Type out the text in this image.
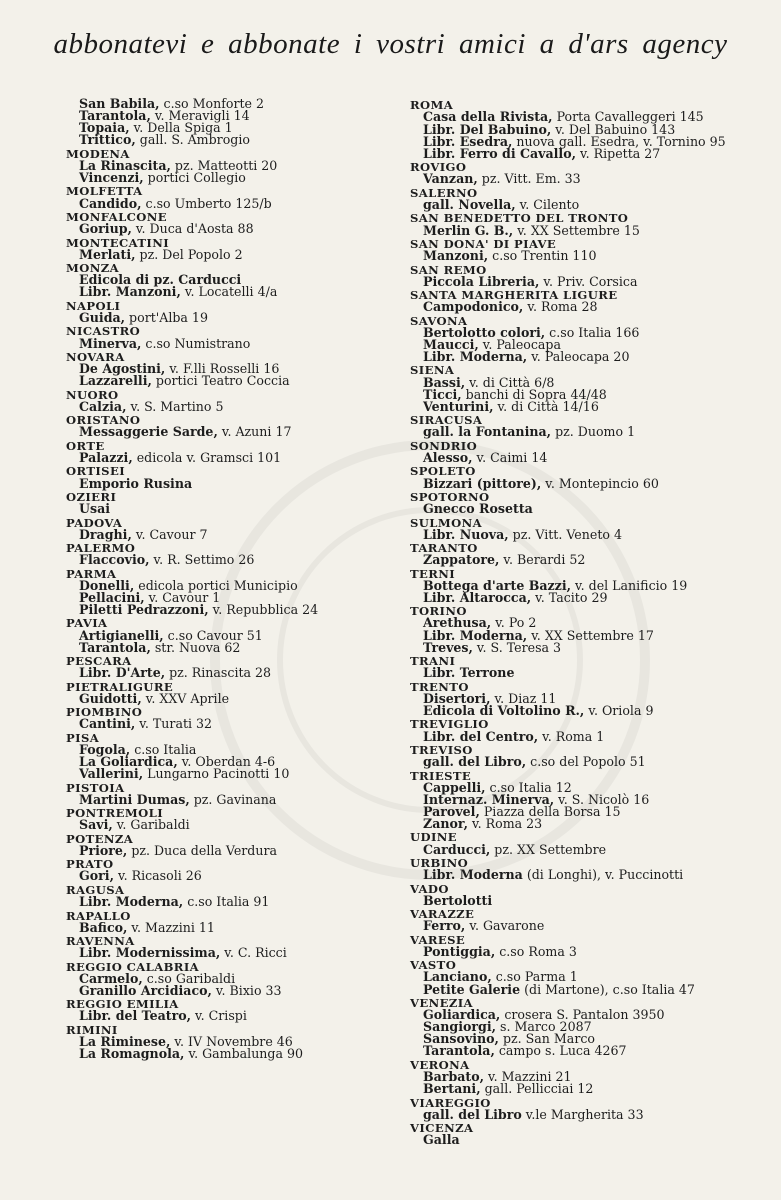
abbonatevi e abbonate i vostri amici a d'ars agency
San Babila, c.so Monforte 2
Tarantola, v. Meravigli 14
Topaia, v. Della Spiga 1
Trittico, gall. S. Ambrogio
MODENA
La Rinascita, pz. Matteotti 20
Vincenzi, portici Collegio
MOLFETTA
Candido, c.so Umberto 125/b
MONFALCONE
Goriup, v. Duca d'Aosta 88
MONTECATINI
Merlati, pz. Del Popolo 2
MONZA
Edicola di pz. Carducci
Libr. Manzoni, v. Locatelli 4/a
NAPOLI
Guida, port'Alba 19
NICASTRO
Minerva, c.so Numistrano
NOVARA
De Agostini, v. F.lli Rosselli 16
Lazzarelli, portici Teatro Coccia
NUORO
Calzia, v. S. Martino 5
ORISTANO
Messaggerie Sarde, v. Azuni 17
ORTE
Palazzi, edicola v. Gramsci 101
ORTISEI
Emporio Rusina
OZIERI
Usai
PADOVA
Draghi, v. Cavour 7
PALERMO
Flaccovio, v. R. Settimo 26
PARMA
Donelli, edicola portici Municipio
Pellacini, v. Cavour 1
Piletti Pedrazzoni, v. Repubblica 24
PAVIA
Artigianelli, c.so Cavour 51
Tarantola, str. Nuova 62
PESCARA
Libr. D'Arte, pz. Rinascita 28
PIETRALIGURE
Guidotti, v. XXV Aprile
PIOMBINO
Cantini, v. Turati 32
PISA
Fogola, c.so Italia
La Goliardica, v. Oberdan 4-6
Vallerini, Lungarno Pacinotti 10
PISTOIA
Martini Dumas, pz. Gavinana
PONTREMOLI
Savi, v. Garibaldi
POTENZA
Priore, pz. Duca della Verdura
PRATO
Gori, v. Ricasoli 26
RAGUSA
Libr. Moderna, c.so Italia 91
RAPALLO
Bafico, v. Mazzini 11
RAVENNA
Libr. Modernissima, v. C. Ricci
REGGIO CALABRIA
Carmelo, c.so Garibaldi
Granillo Arcidiaco, v. Bixio 33
REGGIO EMILIA
Libr. del Teatro, v. Crispi
RIMINI
La Riminese, v. IV Novembre 46
La Romagnola, v. Gambalunga 90
ROMA
Casa della Rivista, Porta Cavalleggeri 145
Libr. Del Babuino, v. Del Babuino 143
Libr. Esedra, nuova gall. Esedra, v. Tornino 95
Libr. Ferro di Cavallo, v. Ripetta 27
ROVIGO
Vanzan, pz. Vitt. Em. 33
SALERNO
gall. Novella, v. Cilento
SAN BENEDETTO DEL TRONTO
Merlin G. B., v. XX Settembre 15
SAN DONA' DI PIAVE
Manzoni, c.so Trentin 110
SAN REMO
Piccola Libreria, v. Priv. Corsica
SANTA MARGHERITA LIGURE
Campodonico, v. Roma 28
SAVONA
Bertolotto colori, c.so Italia 166
Maucci, v. Paleocapa
Libr. Moderna, v. Paleocapa 20
SIENA
Bassi, v. di Città 6/8
Ticci, banchi di Sopra 44/48
Venturini, v. di Città 14/16
SIRACUSA
gall. la Fontanina, pz. Duomo 1
SONDRIO
Alesso, v. Caimi 14
SPOLETO
Bizzari (pittore), v. Montepincio 60
SPOTORNO
Gnecco Rosetta
SULMONA
Libr. Nuova, pz. Vitt. Veneto 4
TARANTO
Zappatore, v. Berardi 52
TERNI
Bottega d'arte Bazzi, v. del Lanificio 19
Libr. Altarocca, v. Tacito 29
TORINO
Arethusa, v. Po 2
Libr. Moderna, v. XX Settembre 17
Treves, v. S. Teresa 3
TRANI
Libr. Terrone
TRENTO
Disertori, v. Diaz 11
Edicola di Voltolino R., v. Oriola 9
TREVIGLIO
Libr. del Centro, v. Roma 1
TREVISO
gall. del Libro, c.so del Popolo 51
TRIESTE
Cappelli, c.so Italia 12
Internaz. Minerva, v. S. Nicolò 16
Parovel, Piazza della Borsa 15
Zanor, v. Roma 23
UDINE
Carducci, pz. XX Settembre
URBINO
Libr. Moderna (di Longhi), v. Puccinotti
VADO
Bertolotti
VARAZZE
Ferro, v. Gavarone
VARESE
Pontiggia, c.so Roma 3
VASTO
Lanciano, c.so Parma 1
Petite Galerie (di Martone), c.so Italia 47
VENEZIA
Goliardica, crosera S. Pantalon 3950
Sangiorgi, s. Marco 2087
Sansovino, pz. San Marco
Tarantola, campo s. Luca 4267
VERONA
Barbato, v. Mazzini 21
Bertani, gall. Pellicciai 12
VIAREGGIO
gall. del Libro v.le Margherita 33
VICENZA
Galla
